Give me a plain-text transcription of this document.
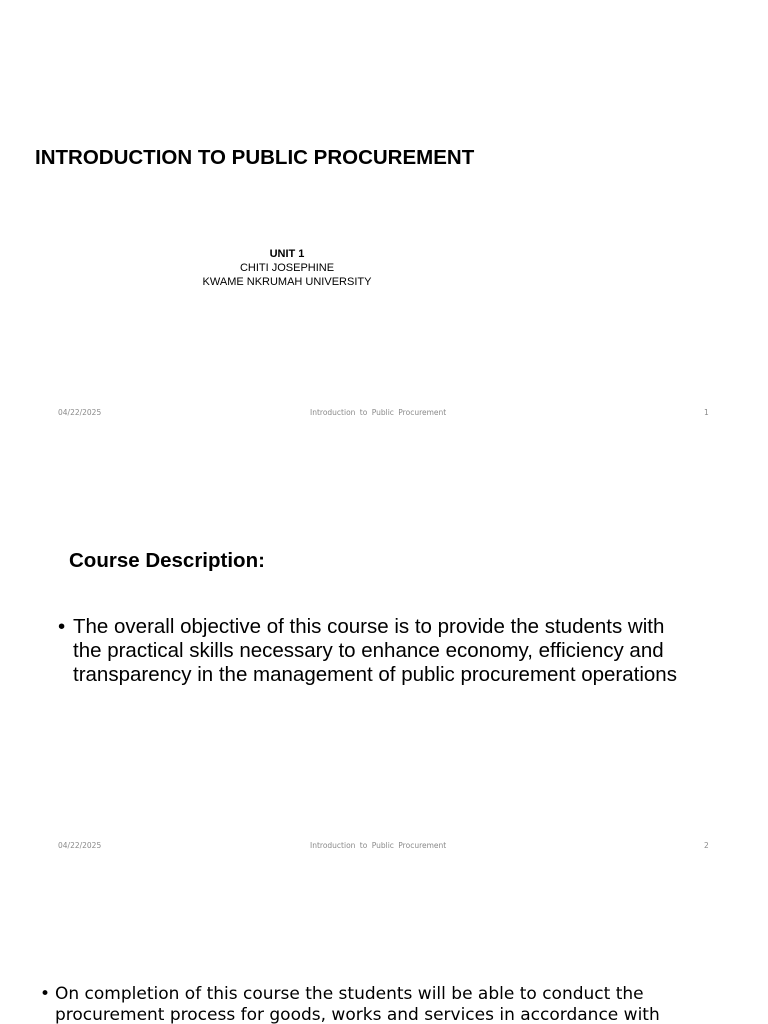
INTRODUCTION TO PUBLIC PROCUREMENT
UNIT 1
CHITI JOSEPHINE
KWAME NKRUMAH UNIVERSITY
04/22/2025	Introduction to Public Procurement	1
Course Description:
• The overall objective of this course is to provide the students with the practical skills necessary to enhance economy, efficiency and transparency in the management of public procurement operations
04/22/2025	Introduction to Public Procurement	2
• On completion of this course the students will be able to conduct the procurement process for goods, works and services in accordance with
